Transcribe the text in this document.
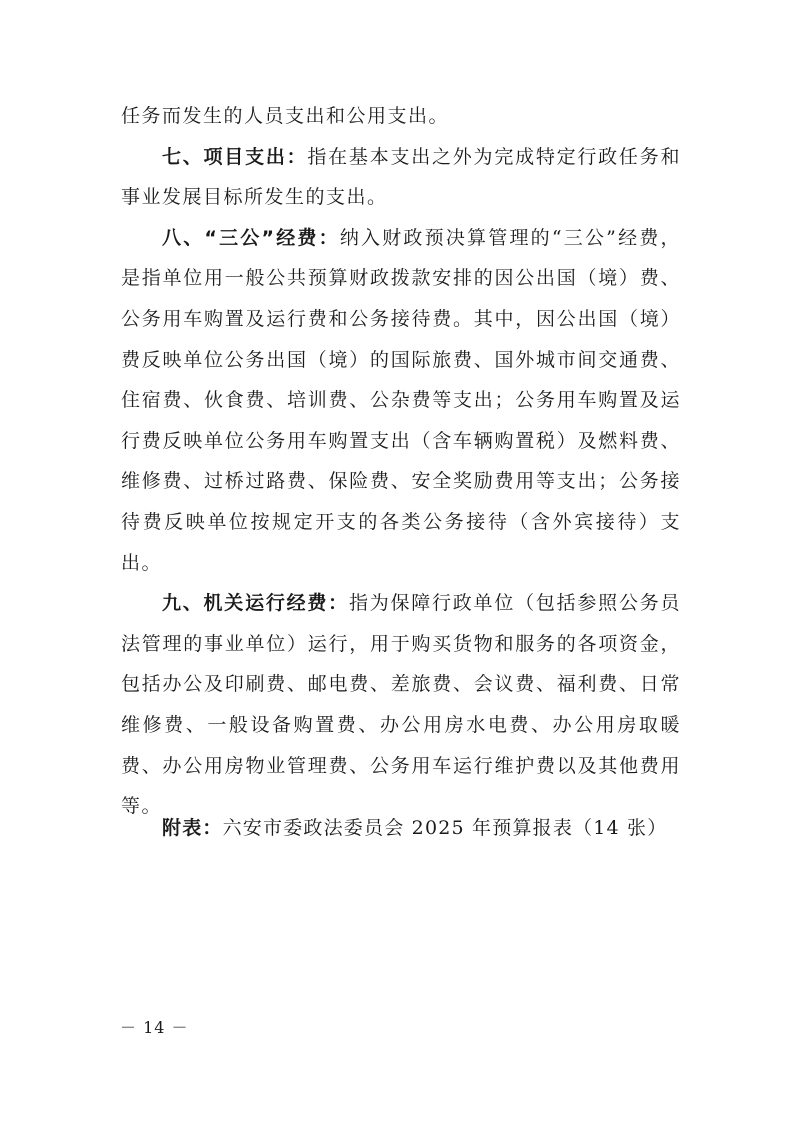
任务而发生的人员支出和公用支出。

七、项目支出：指在基本支出之外为完成特定行政任务和事业发展目标所发生的支出。

八、“三公”经费：纳入财政预决算管理的“三公”经费，是指单位用一般公共预算财政拨款安排的因公出国（境）费、公务用车购置及运行费和公务接待费。其中，因公出国（境）费反映单位公务出国（境）的国际旅费、国外城市间交通费、住宿费、伙食费、培训费、公杂费等支出；公务用车购置及运行费反映单位公务用车购置支出（含车辆购置税）及燃料费、维修费、过桥过路费、保险费、安全奖励费用等支出；公务接待费反映单位按规定开支的各类公务接待（含外宾接待）支出。

九、机关运行经费：指为保障行政单位（包括参照公务员法管理的事业单位）运行，用于购买货物和服务的各项资金，包括办公及印刷费、邮电费、差旅费、会议费、福利费、日常维修费、一般设备购置费、办公用房水电费、办公用房取暖费、办公用房物业管理费、公务用车运行维护费以及其他费用等。

附表：六安市委政法委员会 2025 年预算报表（14 张）
－ 14 －
